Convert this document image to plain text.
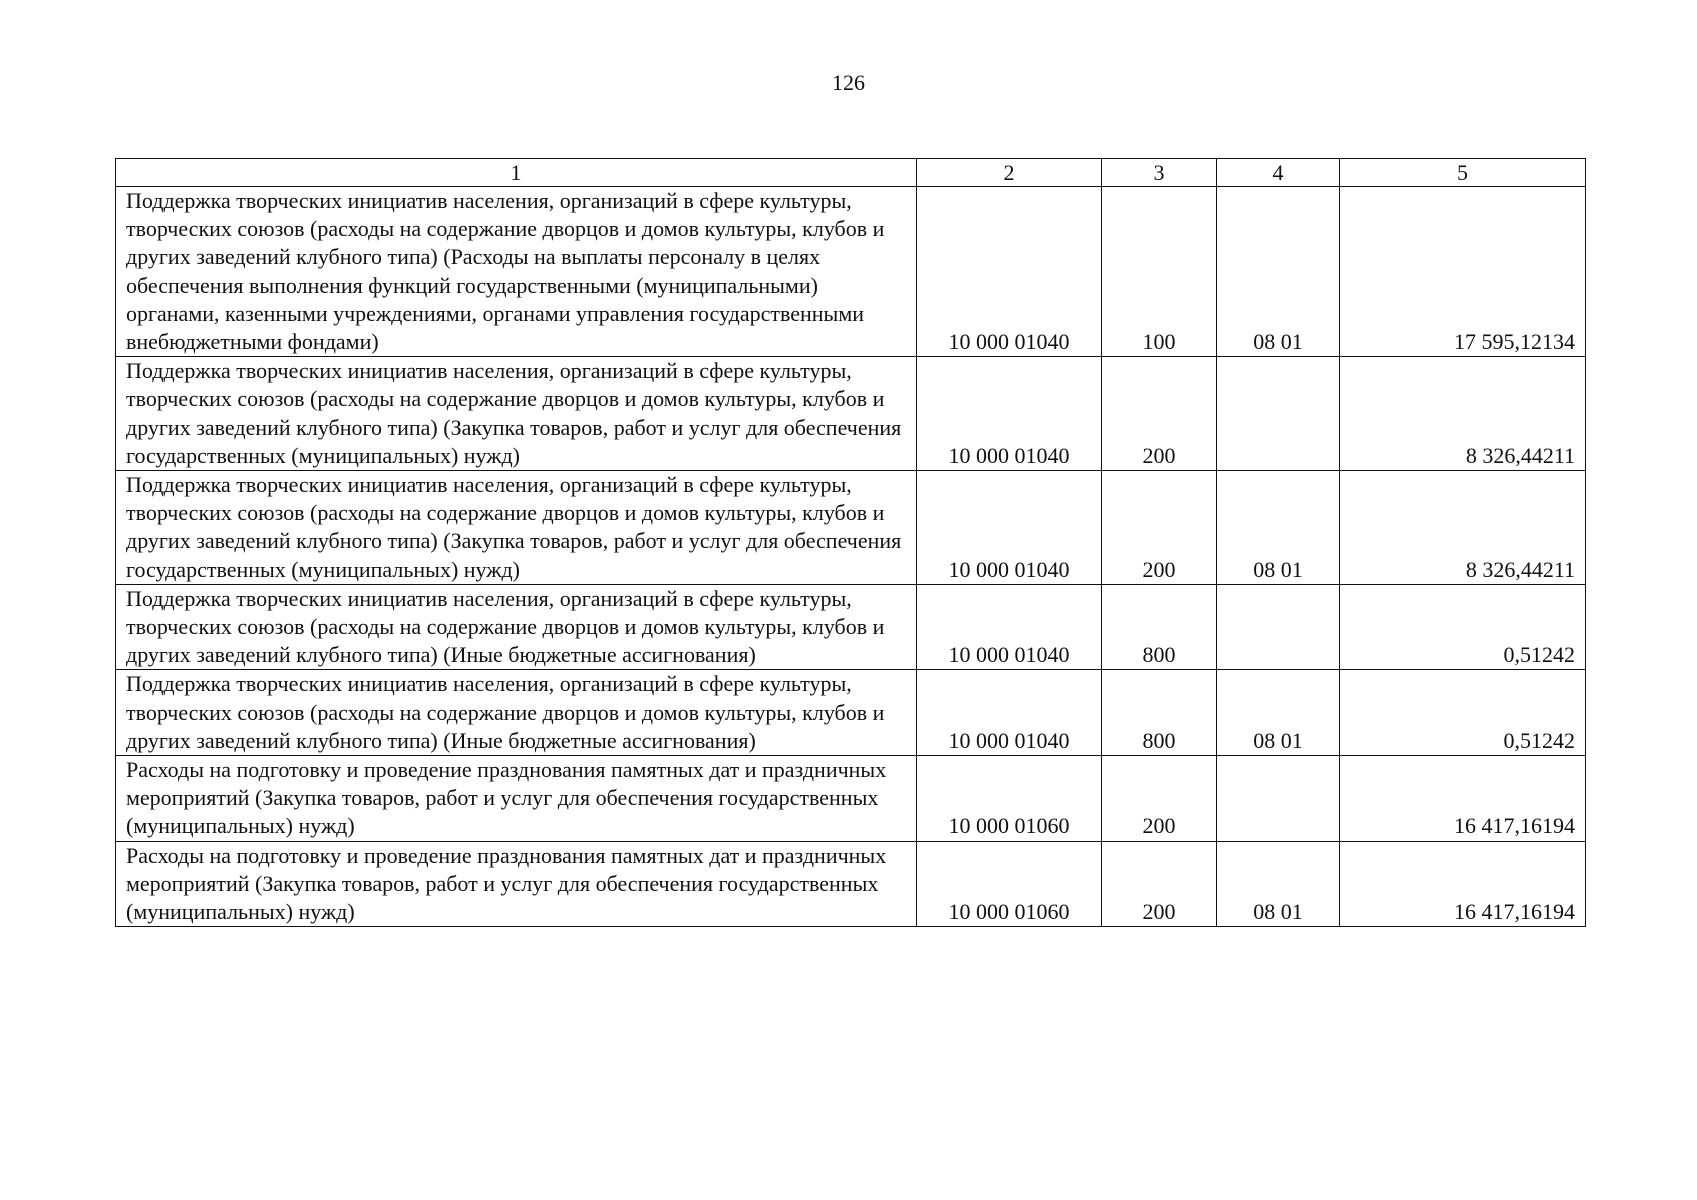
126
1	2	3	4	5
Поддержка творческих инициатив населения, организаций в сфере культуры, творческих союзов (расходы на содержание дворцов и домов культуры, клубов и других заведений клубного типа) (Расходы на выплаты персоналу в целях обеспечения выполнения функций государственными (муниципальными) органами, казенными учреждениями, органами управления государственными внебюджетными фондами)	10 000 01040	100	08 01	17 595,12134
Поддержка творческих инициатив населения, организаций в сфере культуры, творческих союзов (расходы на содержание дворцов и домов культуры, клубов и других заведений клубного типа) (Закупка товаров, работ и услуг для обеспечения государственных (муниципальных) нужд)	10 000 01040	200		8 326,44211
Поддержка творческих инициатив населения, организаций в сфере культуры, творческих союзов (расходы на содержание дворцов и домов культуры, клубов и других заведений клубного типа) (Закупка товаров, работ и услуг для обеспечения государственных (муниципальных) нужд)	10 000 01040	200	08 01	8 326,44211
Поддержка творческих инициатив населения, организаций в сфере культуры, творческих союзов (расходы на содержание дворцов и домов культуры, клубов и других заведений клубного типа) (Иные бюджетные ассигнования)	10 000 01040	800		0,51242
Поддержка творческих инициатив населения, организаций в сфере культуры, творческих союзов (расходы на содержание дворцов и домов культуры, клубов и других заведений клубного типа) (Иные бюджетные ассигнования)	10 000 01040	800	08 01	0,51242
Расходы на подготовку и проведение празднования памятных дат и праздничных мероприятий (Закупка товаров, работ и услуг для обеспечения государственных (муниципальных) нужд)	10 000 01060	200		16 417,16194
Расходы на подготовку и проведение празднования памятных дат и праздничных мероприятий (Закупка товаров, работ и услуг для обеспечения государственных (муниципальных) нужд)	10 000 01060	200	08 01	16 417,16194
